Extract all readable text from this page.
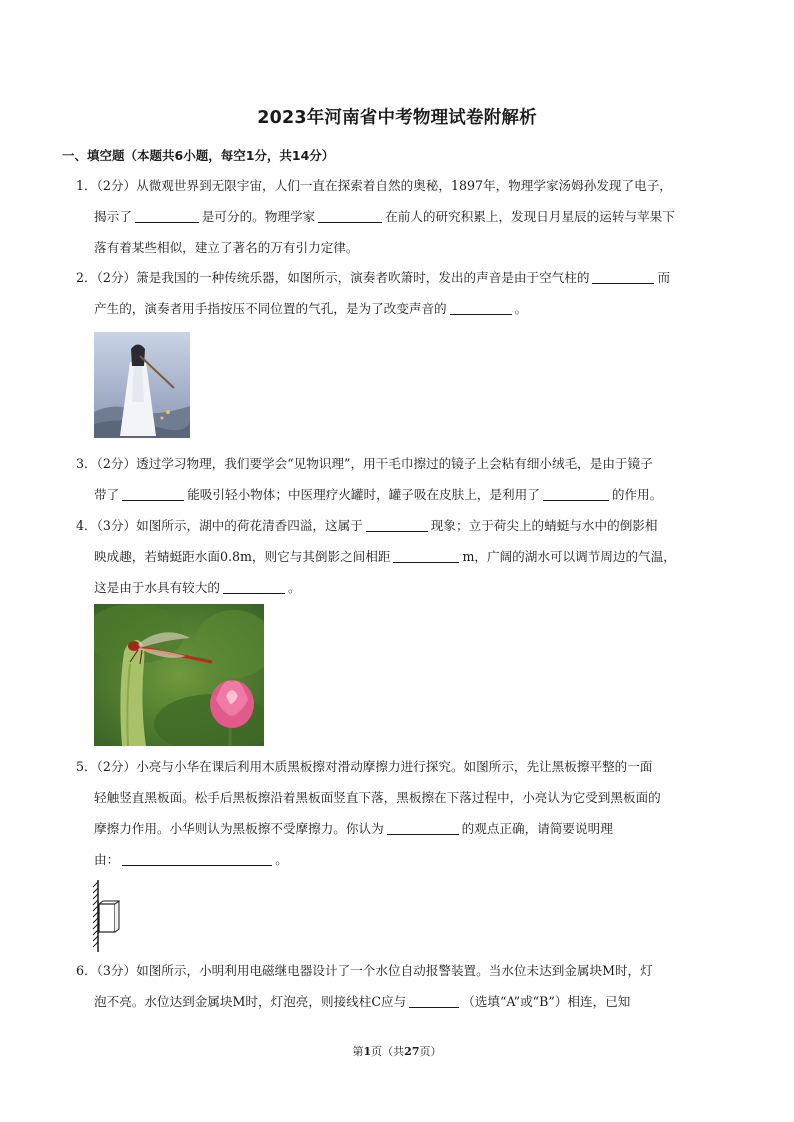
2023年河南省中考物理试卷附解析
一、填空题（本题共6小题，每空1分，共14分）

1．（2分）从微观世界到无限宇宙，人们一直在探索着自然的奥秘，1897年，物理学家汤姆孙发现了电子，
揭示了	是可分的。物理学家	在前人的研究积累上，发现日月星辰的运转与苹果下
落有着某些相似，建立了著名的万有引力定律。

2．（2分）箫是我国的一种传统乐器，如图所示，演奏者吹箫时，发出的声音是由于空气柱的	而
产生的，演奏者用手指按压不同位置的气孔，是为了改变声音的	。

3．（2分）透过学习物理，我们要学会“见物识理”，用干毛巾擦过的镜子上会粘有细小绒毛，是由于镜子
带了	能吸引轻小物体；中医理疗火罐时，罐子吸在皮肤上，是利用了	的作用。

4．（3分）如图所示，湖中的荷花清香四溢，这属于	现象；立于荷尖上的蜻蜓与水中的倒影相
映成趣，若蜻蜓距水面0.8m，则它与其倒影之间相距	m，广阔的湖水可以调节周边的气温，
这是由于水具有较大的	。

5．（2分）小亮与小华在课后利用木质黑板擦对滑动摩擦力进行探究。如图所示，先让黑板擦平整的一面
轻触竖直黑板面。松手后黑板擦沿着黑板面竖直下落，黑板擦在下落过程中，小亮认为它受到黑板面的
摩擦力作用。小华则认为黑板擦不受摩擦力。你认为	的观点正确，请简要说明理
由：	。

6．（3分）如图所示，小明利用电磁继电器设计了一个水位自动报警装置。当水位未达到金属块M时，灯
泡不亮。水位达到金属块M时，灯泡亮，则接线柱C应与	（选填“A”或“B”）相连，已知

第1页（共27页）
